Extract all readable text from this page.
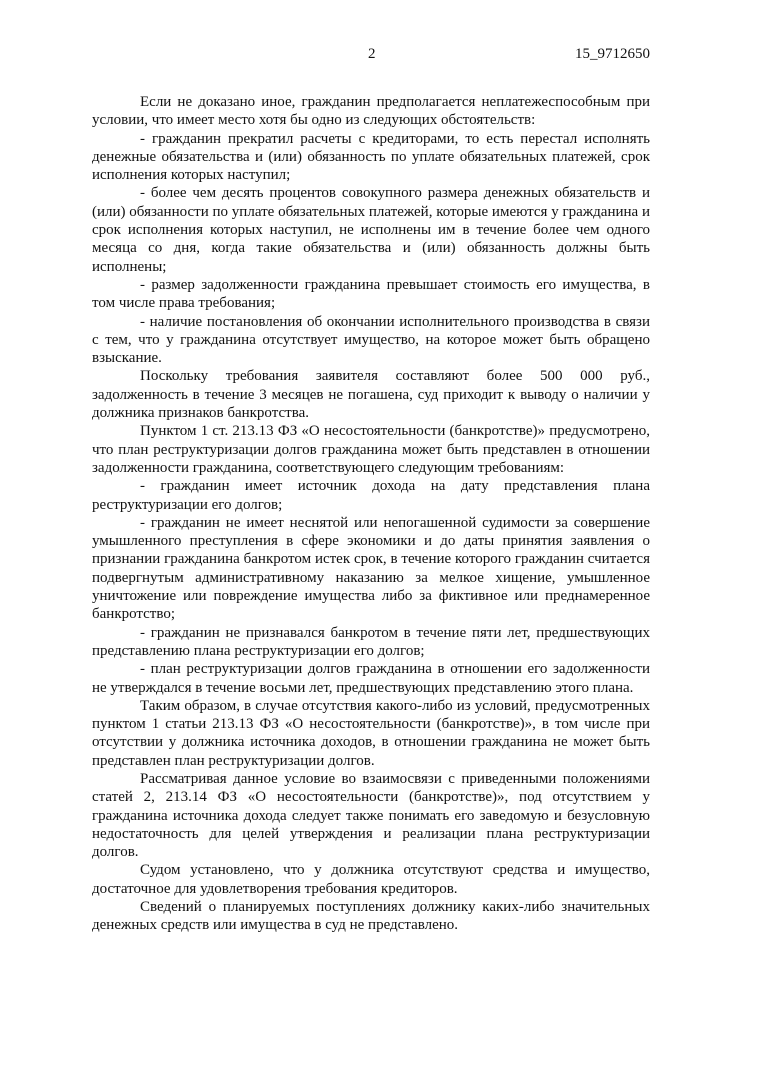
2	15_9712650

Если не доказано иное, гражданин предполагается неплатежеспособным при условии, что имеет место хотя бы одно из следующих обстоятельств:

- гражданин прекратил расчеты с кредиторами, то есть перестал исполнять денежные обязательства и (или) обязанность по уплате обязательных платежей, срок исполнения которых наступил;

- более чем десять процентов совокупного размера денежных обязательств и (или) обязанности по уплате обязательных платежей, которые имеются у гражданина и срок исполнения которых наступил, не исполнены им в течение более чем одного месяца со дня, когда такие обязательства и (или) обязанность должны быть исполнены;

- размер задолженности гражданина превышает стоимость его имущества, в том числе права требования;

- наличие постановления об окончании исполнительного производства в связи с тем, что у гражданина отсутствует имущество, на которое может быть обращено взыскание.

Поскольку требования заявителя составляют более 500 000 руб., задолженность в течение 3 месяцев не погашена, суд приходит к выводу о наличии у должника признаков банкротства.

Пунктом 1 ст. 213.13 ФЗ «О несостоятельности (банкротстве)» предусмотрено, что план реструктуризации долгов гражданина может быть представлен в отношении задолженности гражданина, соответствующего следующим требованиям:

- гражданин имеет источник дохода на дату представления плана реструктуризации его долгов;

- гражданин не имеет неснятой или непогашенной судимости за совершение умышленного преступления в сфере экономики и до даты принятия заявления о признании гражданина банкротом истек срок, в течение которого гражданин считается подвергнутым административному наказанию за мелкое хищение, умышленное уничтожение или повреждение имущества либо за фиктивное или преднамеренное банкротство;

- гражданин не признавался банкротом в течение пяти лет, предшествующих представлению плана реструктуризации его долгов;

- план реструктуризации долгов гражданина в отношении его задолженности не утверждался в течение восьми лет, предшествующих представлению этого плана.

Таким образом, в случае отсутствия какого-либо из условий, предусмотренных пунктом 1 статьи 213.13 ФЗ «О несостоятельности (банкротстве)», в том числе при отсутствии у должника источника доходов, в отношении гражданина не может быть представлен план реструктуризации долгов.

Рассматривая данное условие во взаимосвязи с приведенными положениями статей 2, 213.14 ФЗ «О несостоятельности (банкротстве)», под отсутствием у гражданина источника дохода следует также понимать его заведомую и безусловную недостаточность для целей утверждения и реализации плана реструктуризации долгов.

Судом установлено, что у должника отсутствуют средства и имущество, достаточное для удовлетворения требования кредиторов.

Сведений о планируемых поступлениях должнику каких-либо значительных денежных средств или имущества в суд не представлено.
